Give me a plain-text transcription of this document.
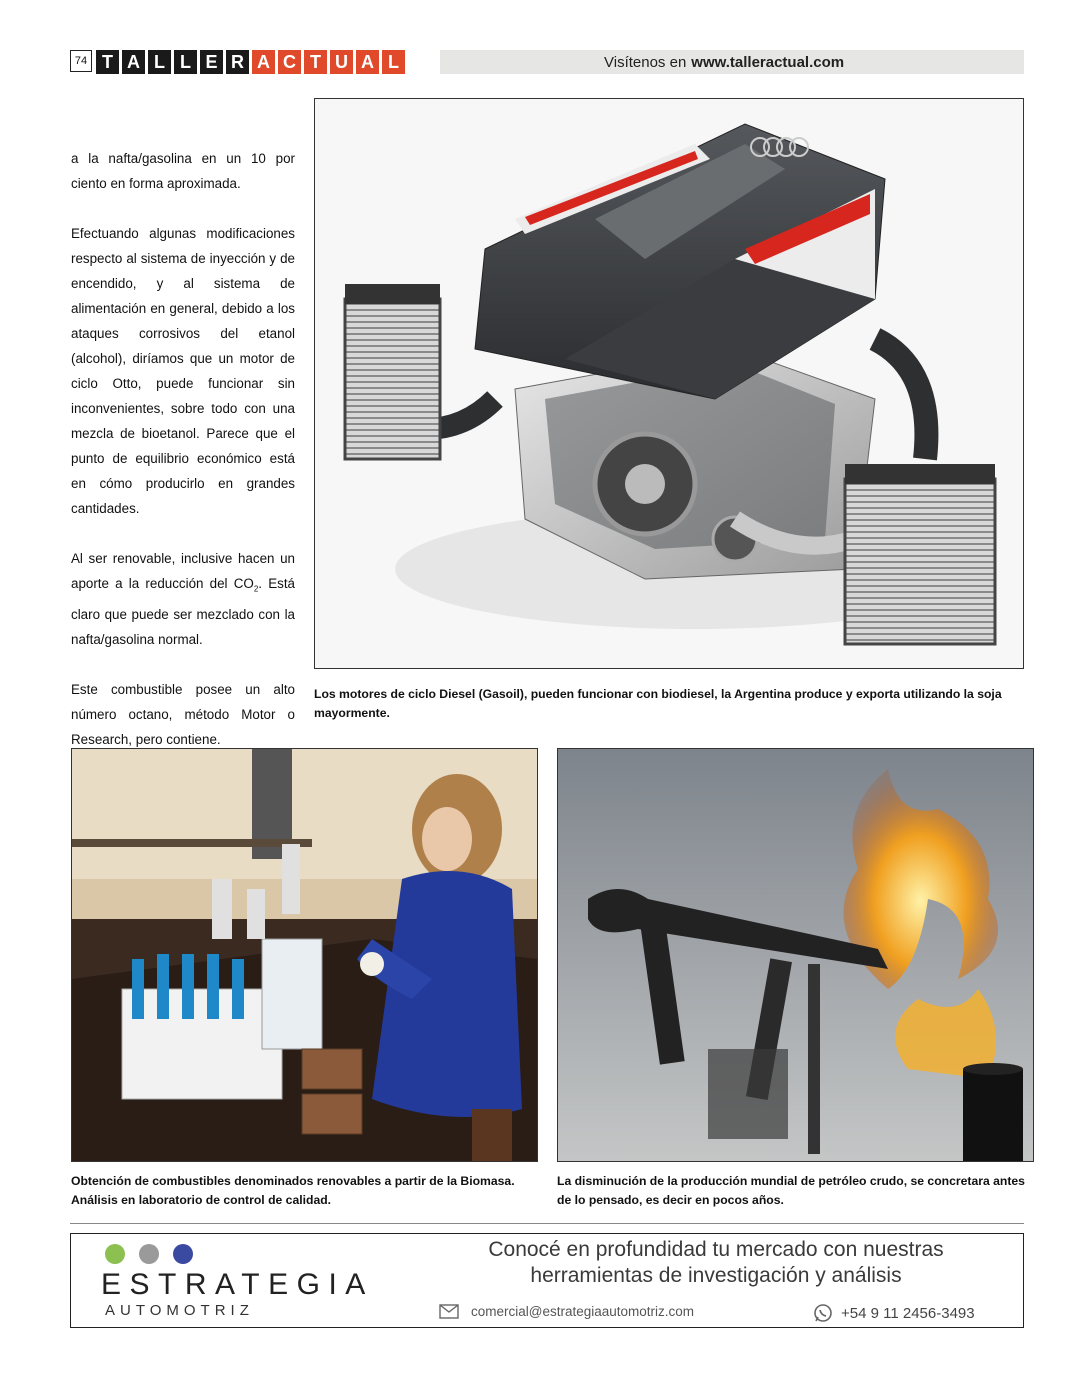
74 T A L L E R A C T U A L	Visítenos en www.talleractual.com

a la nafta/gasolina en un 10 por ciento en forma aproximada.

Efectuando algunas modificaciones respecto al sistema de inyección y de encendido, y al sistema de alimentación en general, debido a los ataques corrosivos del etanol (alcohol), diríamos que un motor de ciclo Otto, puede funcionar sin inconvenientes, sobre todo con una mezcla de bioetanol. Parece que el punto de equilibrio económico está en cómo producirlo en grandes cantidades.

Al ser renovable, inclusive hacen un aporte a la reducción del $CO_2$. Está claro que puede ser mezclado con la nafta/gasolina normal.

Este combustible posee un alto número octano, método Motor o Research, pero contiene.

Los motores de ciclo Diesel (Gasoil), pueden funcionar con biodiesel, la Argentina produce y exporta utilizando la soja mayormente.
Obtención de combustibles denominados renovables a partir de la Biomasa. Análisis en laboratorio de control de calidad.
La disminución de la producción mundial de petróleo crudo, se concretara antes de lo pensado, es decir en pocos años.
ESTRATEGIA
AUTOMOTRIZ
Conocé en profundidad tu mercado con nuestras
herramientas de investigación y análisis
comercial@estrategiaautomotriz.com	+54 9 11 2456-3493
